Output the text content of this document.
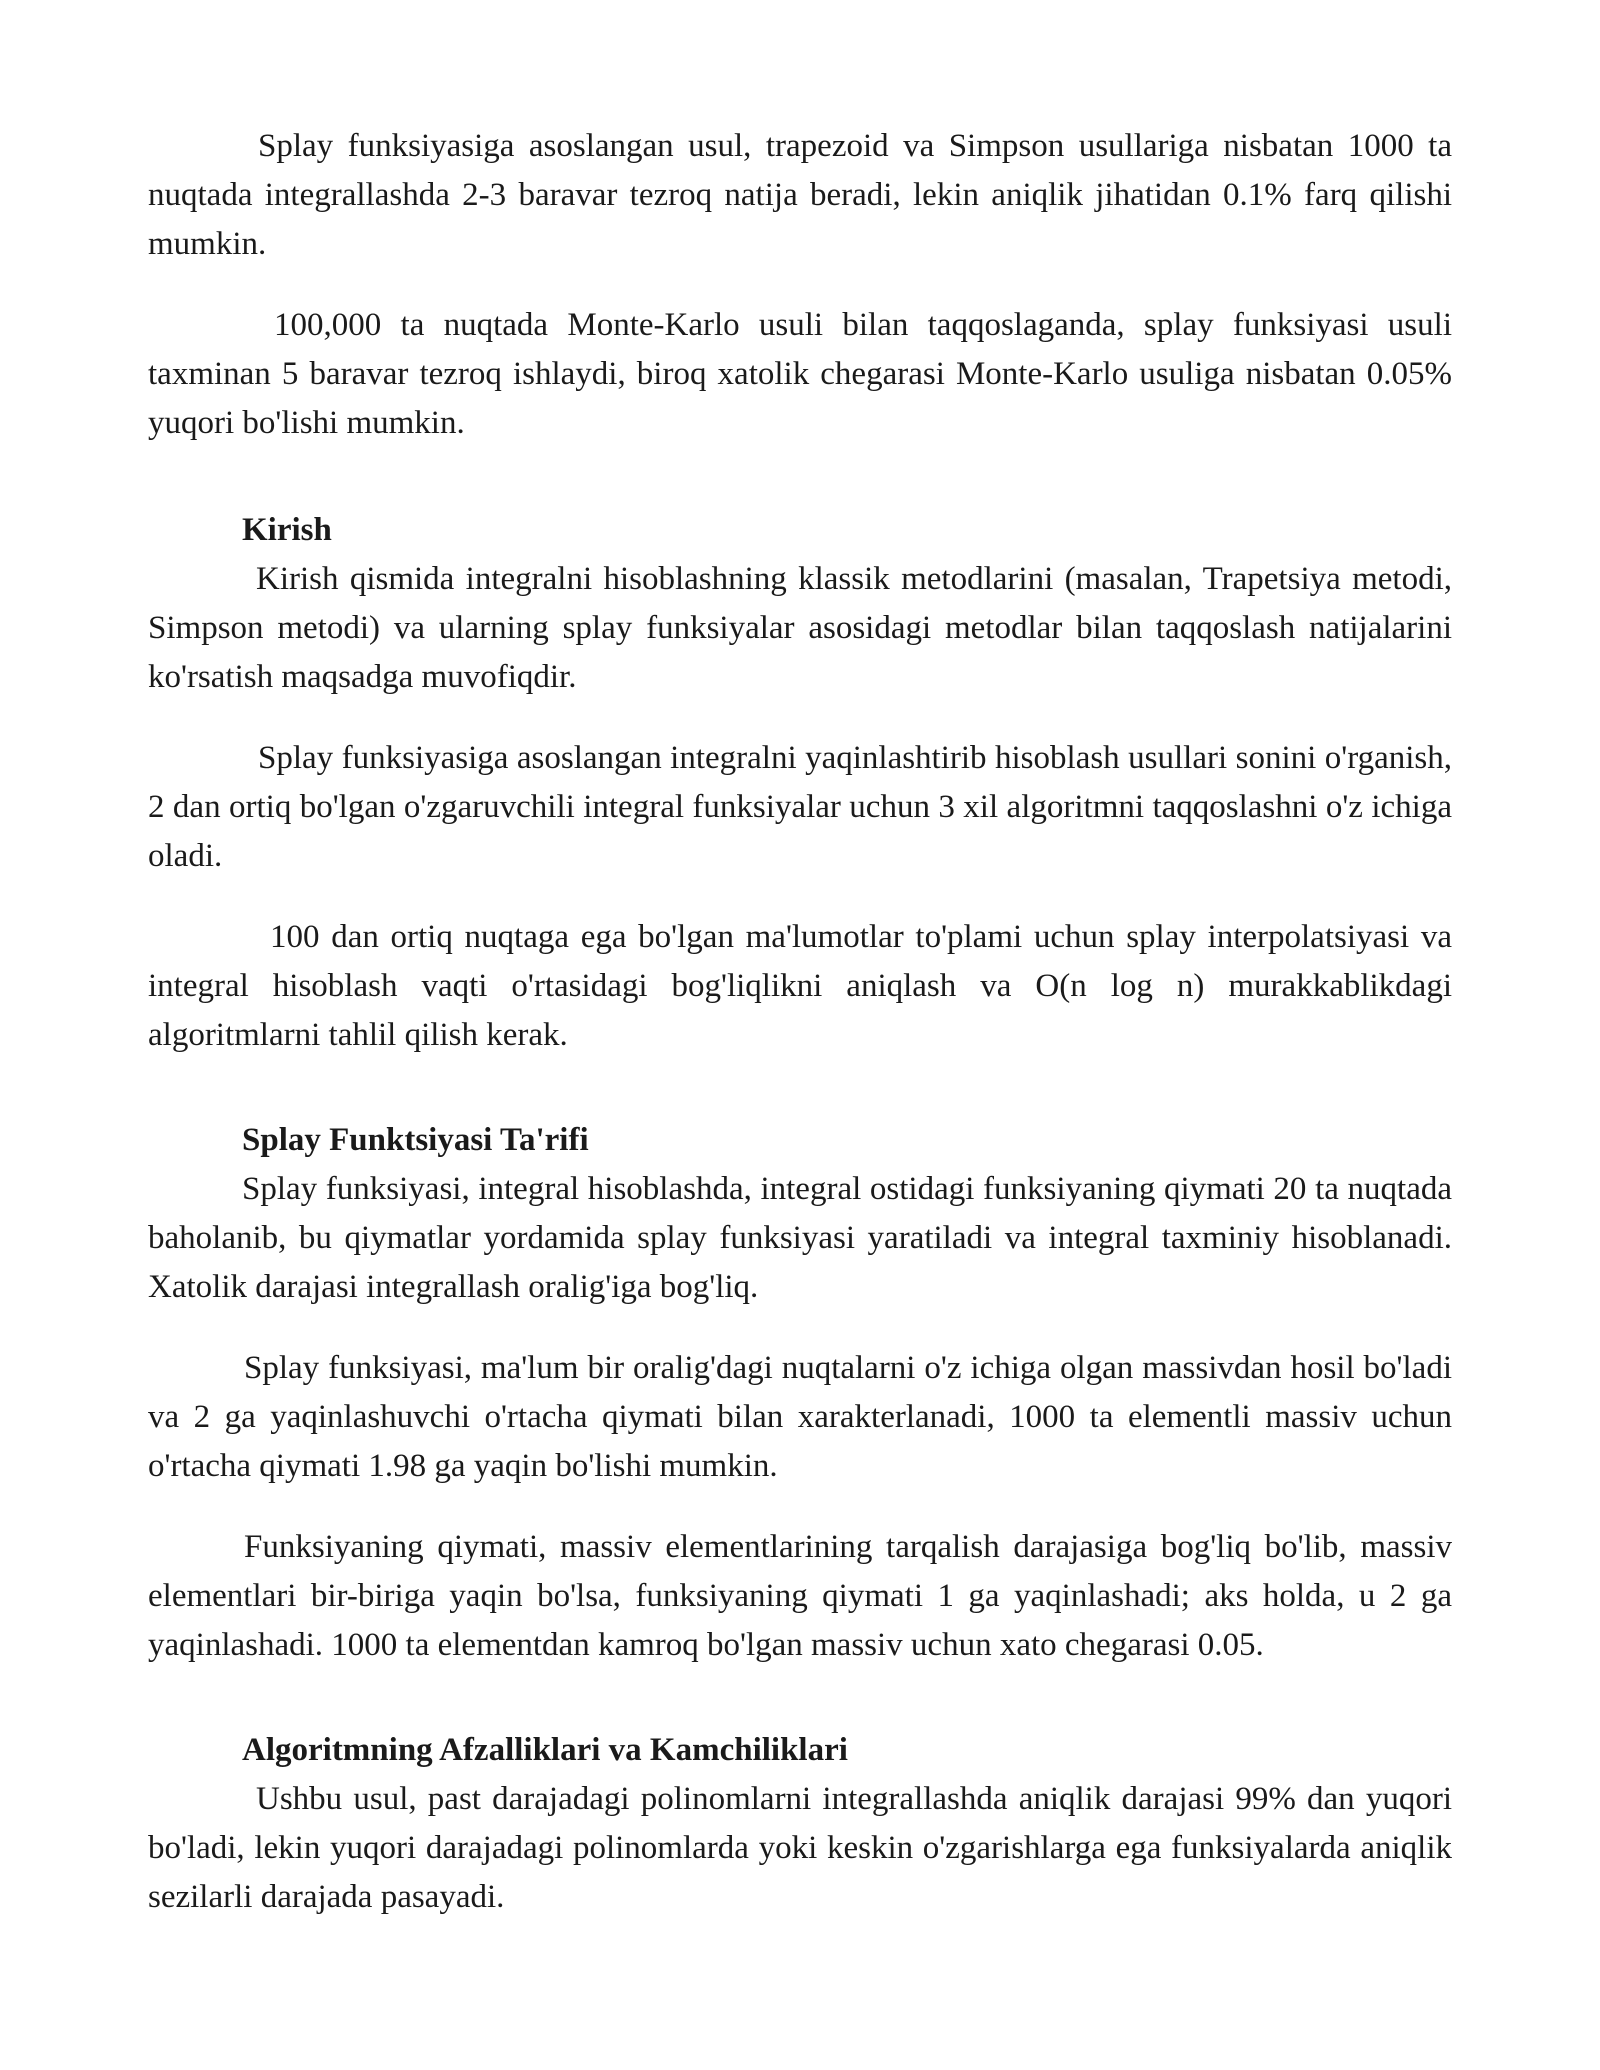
Splay funksiyasiga asoslangan usul, trapezoid va Simpson usullariga nisbatan 1000 ta nuqtada integrallashda 2-3 baravar tezroq natija beradi, lekin aniqlik jihatidan 0.1% farq qilishi mumkin.

100,000 ta nuqtada Monte-Karlo usuli bilan taqqoslaganda, splay funksiyasi usuli taxminan 5 baravar tezroq ishlaydi, biroq xatolik chegarasi Monte-Karlo usuliga nisbatan 0.05% yuqori bo'lishi mumkin.

Kirish

Kirish qismida integralni hisoblashning klassik metodlarini (masalan, Trapetsiya metodi, Simpson metodi) va ularning splay funksiyalar asosidagi metodlar bilan taqqoslash natijalarini ko'rsatish maqsadga muvofiqdir.

Splay funksiyasiga asoslangan integralni yaqinlashtirib hisoblash usullari sonini o'rganish, 2 dan ortiq bo'lgan o'zgaruvchili integral funksiyalar uchun 3 xil algoritmni taqqoslashni o'z ichiga oladi.

100 dan ortiq nuqtaga ega bo'lgan ma'lumotlar to'plami uchun splay interpolatsiyasi va integral hisoblash vaqti o'rtasidagi bog'liqlikni aniqlash va O(n log n) murakkablikdagi algoritmlarni tahlil qilish kerak.

Splay Funktsiyasi Ta'rifi

Splay funksiyasi, integral hisoblashda, integral ostidagi funksiyaning qiymati 20 ta nuqtada baholanib, bu qiymatlar yordamida splay funksiyasi yaratiladi va integral taxminiy hisoblanadi. Xatolik darajasi integrallash oralig'iga bog'liq.

Splay funksiyasi, ma'lum bir oralig'dagi nuqtalarni o'z ichiga olgan massivdan hosil bo'ladi va 2 ga yaqinlashuvchi o'rtacha qiymati bilan xarakterlanadi, 1000 ta elementli massiv uchun o'rtacha qiymati 1.98 ga yaqin bo'lishi mumkin.

Funksiyaning qiymati, massiv elementlarining tarqalish darajasiga bog'liq bo'lib, massiv elementlari bir-biriga yaqin bo'lsa, funksiyaning qiymati 1 ga yaqinlashadi; aks holda, u 2 ga yaqinlashadi. 1000 ta elementdan kamroq bo'lgan massiv uchun xato chegarasi 0.05.

Algoritmning Afzalliklari va Kamchiliklari

Ushbu usul, past darajadagi polinomlarni integrallashda aniqlik darajasi 99% dan yuqori bo'ladi, lekin yuqori darajadagi polinomlarda yoki keskin o'zgarishlarga ega funksiyalarda aniqlik sezilarli darajada pasayadi.
